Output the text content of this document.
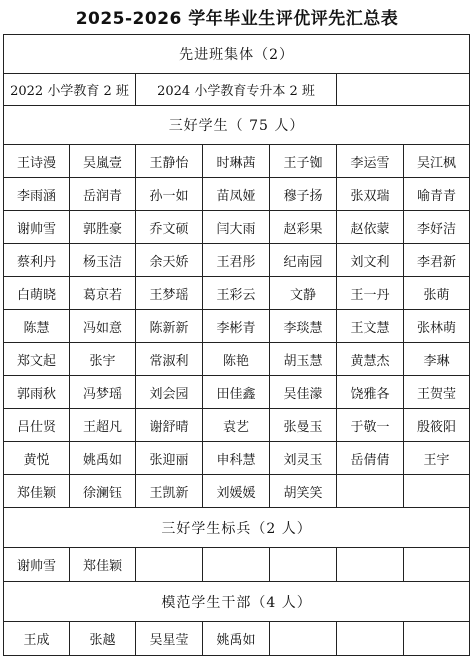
2025-2026 学年毕业生评优评先汇总表
先进班集体（2）						
2022 小学教育 2 班		2024 小学教育专升本 2 班				
三好学生（ 75 人）						
王诗漫	吴嵐壹	王静怡	时琳茜	王子铷	李运雪	吴江枫
李雨涵	岳润青	孙一如	苗凤娅	穆子扬	张双瑞	喻青青
谢帅雪	郭胜豪	乔文硕	闫大雨	赵彩果	赵依蒙	李妤洁
蔡利丹	杨玉洁	余天娇	王君彤	纪南园	刘文利	李君新
白萌晓	葛京若	王梦瑶	王彩云	文静	王一丹	张萌
陈慧	冯如意	陈新新	李彬青	李琰慧	王文慧	张林萌
郑文起	张宇	常淑利	陈艳	胡玉慧	黄慧杰	李琳
郭雨秋	冯梦瑶	刘会园	田佳鑫	吴佳濛	饶雅各	王贺莹
吕仕贤	王超凡	谢舒晴	袁艺	张曼玉	于敬一	殷筱阳
黄悦	姚禹如	张迎丽	申科慧	刘灵玉	岳倩倩	王宇
郑佳颖	徐澜钰	王凯新	刘媛媛	胡笑笑		
三好学生标兵（2 人）						
谢帅雪	郑佳颖					
模范学生干部（4 人）						
王成	张越	吴星莹	姚禹如			
